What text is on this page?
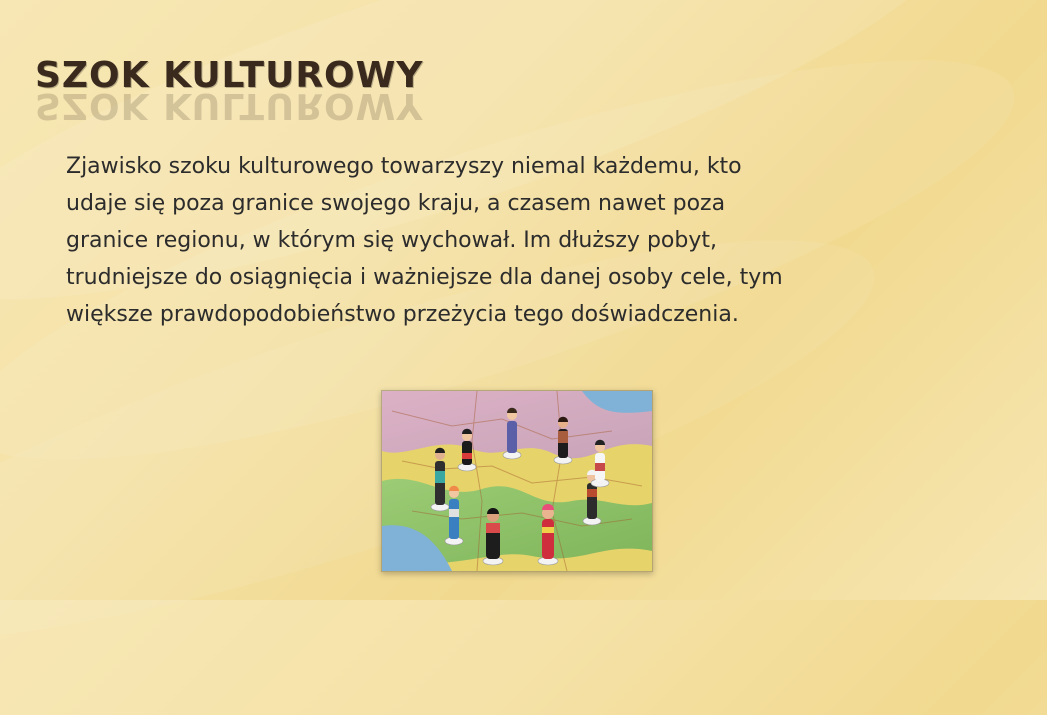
SZOK KULTUROWY
SZOK KULTUROWY
Zjawisko szoku kulturowego towarzyszy niemal każdemu, kto udaje się poza granice swojego kraju, a czasem nawet poza granice regionu, w którym się wychował. Im dłuższy pobyt, trudniejsze do osiągnięcia i ważniejsze dla danej osoby cele, tym większe prawdopodobieństwo przeżycia tego doświadczenia.
